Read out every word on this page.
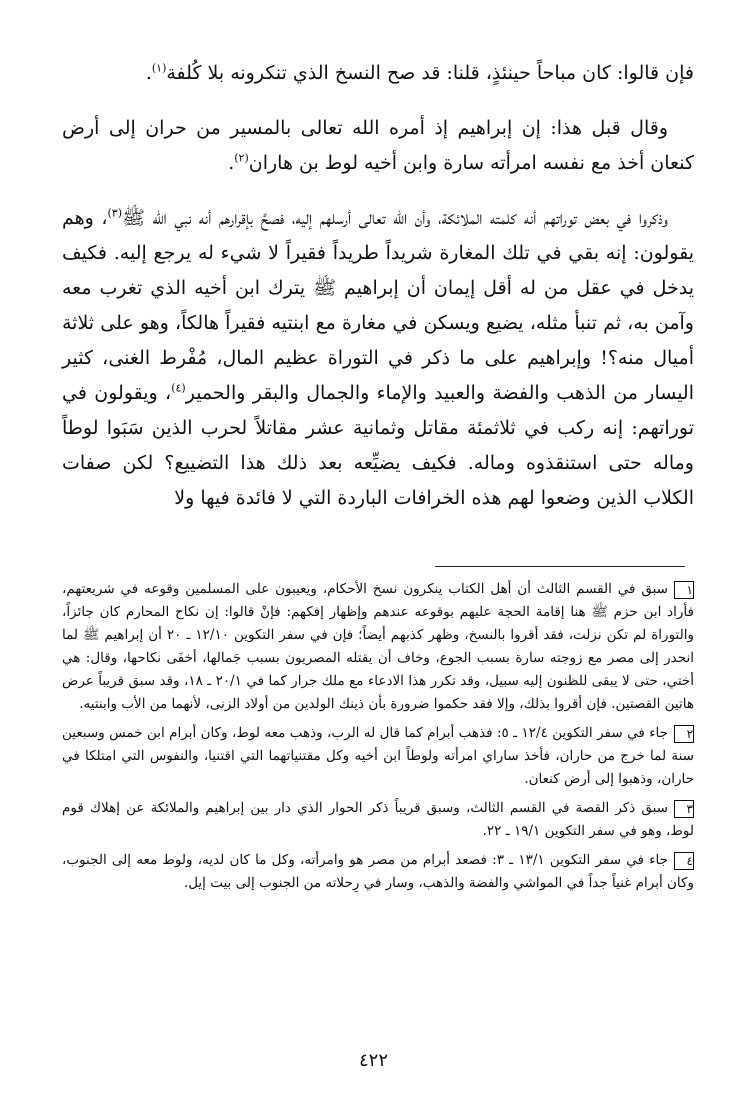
فإن قالوا: كان مباحاً حينئذٍ، قلنا: قد صح النسخ الذي تنكرونه بلا كُلفة$^{(١)}$.

وقال قبل هذا: إن إبراهيم إذ أمره الله تعالى بالمسير من حران إلى أرض كنعان أخذ مع نفسه امرأته سارة وابن أخيه لوط بن هاران$^{(٢)}$.

وذكروا في بعض توراتهم أنه كلمته الملائكة، وأن الله تعالى أرسلهم إليه، فصحَّ بإقرارهم أنه نبي الله ﷺ$^{(٣)}$، وهم يقولون: إنه بقي في تلك المغارة شريداً طريداً فقيراً لا شيء له يرجع إليه. فكيف يدخل في عقل من له أقل إيمان أن إبراهيم ﷺ يترك ابن أخيه الذي تغرب معه وآمن به، ثم تنبأ مثله، يضيع ويسكن في مغارة مع ابنتيه فقيراً هالكاً، وهو على ثلاثة أميال منه؟! وإبراهيم على ما ذكر في التوراة عظيم المال، مُفْرط الغنى، كثير اليسار من الذهب والفضة والعبيد والإماء والجمال والبقر والحمير$^{(٤)}$، ويقولون في توراتهم: إنه ركب في ثلاثمئة مقاتل وثمانية عشر مقاتلاً لحرب الذين سَبَوا لوطاً وماله حتى استنقذوه وماله. فكيف يضيِّعه بعد ذلك هذا التضييع؟ لكن صفات الكلاب الذين وضعوا لهم هذه الخرافات الباردة التي لا فائدة فيها ولا

١سبق في القسم الثالث أن أهل الكتاب ينكرون نسخ الأحكام، ويعيبون على المسلمين وقوعه في شريعتهم، فأراد ابن حزم ﷺ هنا إقامة الحجة عليهم بوقوعه عندهم وإظهار إفكهم: فإنْ قالوا: إن نكاح المحارم كان جائزاً، والتوراة لم تكن نزلت، فقد أقروا بالنسخ، وظهر كذبهم أيضاً؛ فإن في سفر التكوين ١٢/١٠ ـ ٢٠ أن إبراهيم ﷺ لما انحدر إلى مصر مع زوجته سارة بسبب الجوع، وخاف أن يقتله المصريون بسبب جَمالها، أخفَى نكاحها، وقال: هي أختي، حتى لا يبقى للظنون إليه سبيل، وقد تكرر هذا الادعاء مع ملك جرار كما في ٢٠/١ ـ ١٨، وقد سبق قريباً عرض هاتين القصتين. فإن أقروا بذلك، وإلا فقد حكموا ضرورة بأن ذينك الولدين من أولاد الزنى، لأنهما من الأب وابنتيه.
٢جاء في سفر التكوين ١٢/٤ ـ ٥: فذهب أبرام كما قال له الرب، وذهب معه لوط، وكان أبرام ابن خمس وسبعين سنة لما خرج من حاران، فأخذ ساراي امرأته ولوطاً ابن أخيه وكل مقتنياتهما التي اقتنيا، والنفوس التي امتلكا في حاران، وذهبوا إلى أرض كنعان.
٣سبق ذكر القصة في القسم الثالث، وسبق قريباً ذكر الحوار الذي دار بين إبراهيم والملائكة عن إهلاك قوم لوط، وهو في سفر التكوين ١٩/١ ـ ٢٢.
٤جاء في سفر التكوين ١٣/١ ـ ٣: فصعد أبرام من مصر هو وامرأته، وكل ما كان لديه، ولوط معه إلى الجنوب، وكان أبرام غنياً جداً في المواشي والفضة والذهب، وسار في رِحلاته من الجنوب إلى بيت إيل.
٤٢٢
